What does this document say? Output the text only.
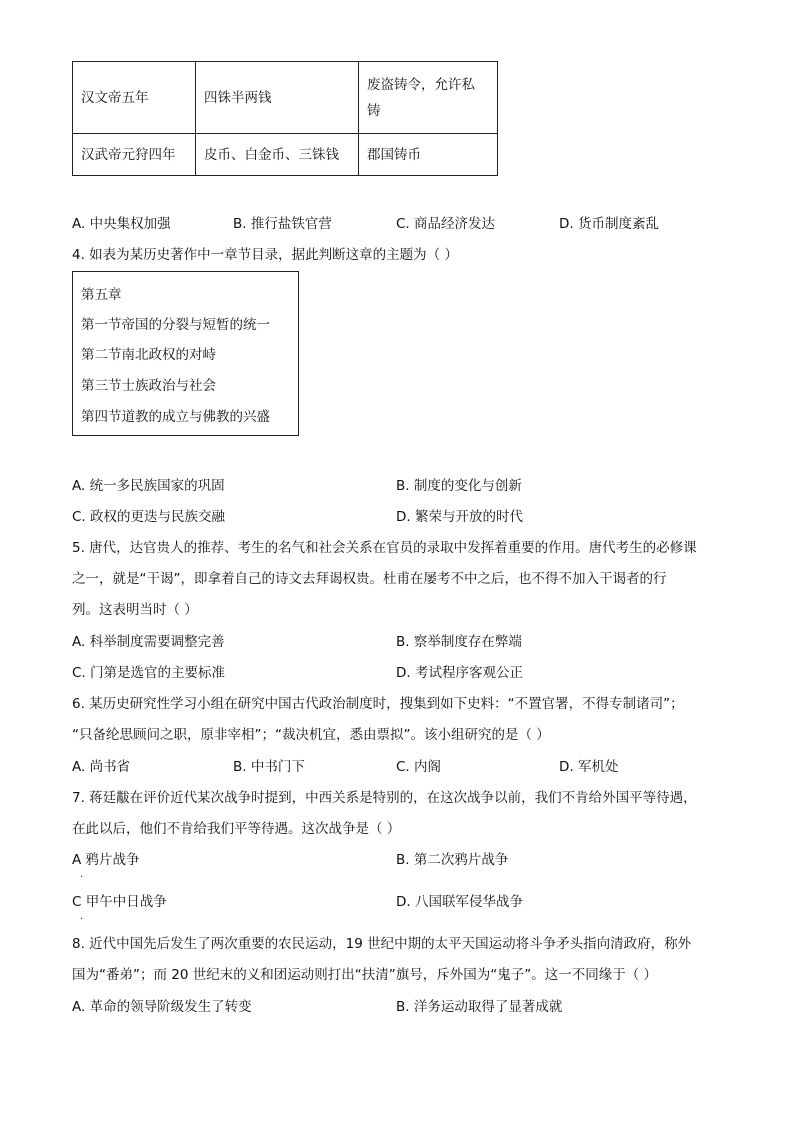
汉文帝五年	四铢半两钱	废盗铸令，允许私
铸

汉武帝元狩四年	皮币、白金币、三铢钱	郡国铸币
A. 中央集权加强	B. 推行盐铁官营	C. 商品经济发达	D. 货币制度紊乱
4. 如表为某历史著作中一章节目录，据此判断这章的主题为（ ）
第五章
第一节帝国的分裂与短暂的统一
第二节南北政权的对峙
第三节士族政治与社会
第四节道教的成立与佛教的兴盛
A. 统一多民族国家的巩固	B. 制度的变化与创新
C. 政权的更迭与民族交融	D. 繁荣与开放的时代
5. 唐代，达官贵人的推荐、考生的名气和社会关系在官员的录取中发挥着重要的作用。唐代考生的必修课
之一，就是“干谒”，即拿着自己的诗文去拜谒权贵。杜甫在屡考不中之后，也不得不加入干谒者的行
列。这表明当时（ ）
A. 科举制度需要调整完善	B. 察举制度存在弊端
C. 门第是选官的主要标准	D. 考试程序客观公正
6. 某历史研究性学习小组在研究中国古代政治制度时，搜集到如下史料：“不置官署，不得专制诸司”；
“只备纶思顾问之职，原非宰相”；“裁决机宜，悉由票拟”。该小组研究的是（ ）
A. 尚书省	B. 中书门下	C. 内阁	D. 军机处
7. 蒋廷黻在评价近代某次战争时提到，中西关系是特别的，在这次战争以前，我们不肯给外国平等待遇，
在此以后，他们不肯给我们平等待遇。这次战争是（ ）
A 鸦片战争
.
B. 第二次鸦片战争
C 甲午中日战争
.
D. 八国联军侵华战争
8. 近代中国先后发生了两次重要的农民运动，19 世纪中期的太平天国运动将斗争矛头指向清政府，称外
国为“番弟”；而 20 世纪末的义和团运动则打出“扶清”旗号，斥外国为“鬼子”。这一不同缘于（ ）
A. 革命的领导阶级发生了转变	B. 洋务运动取得了显著成就
